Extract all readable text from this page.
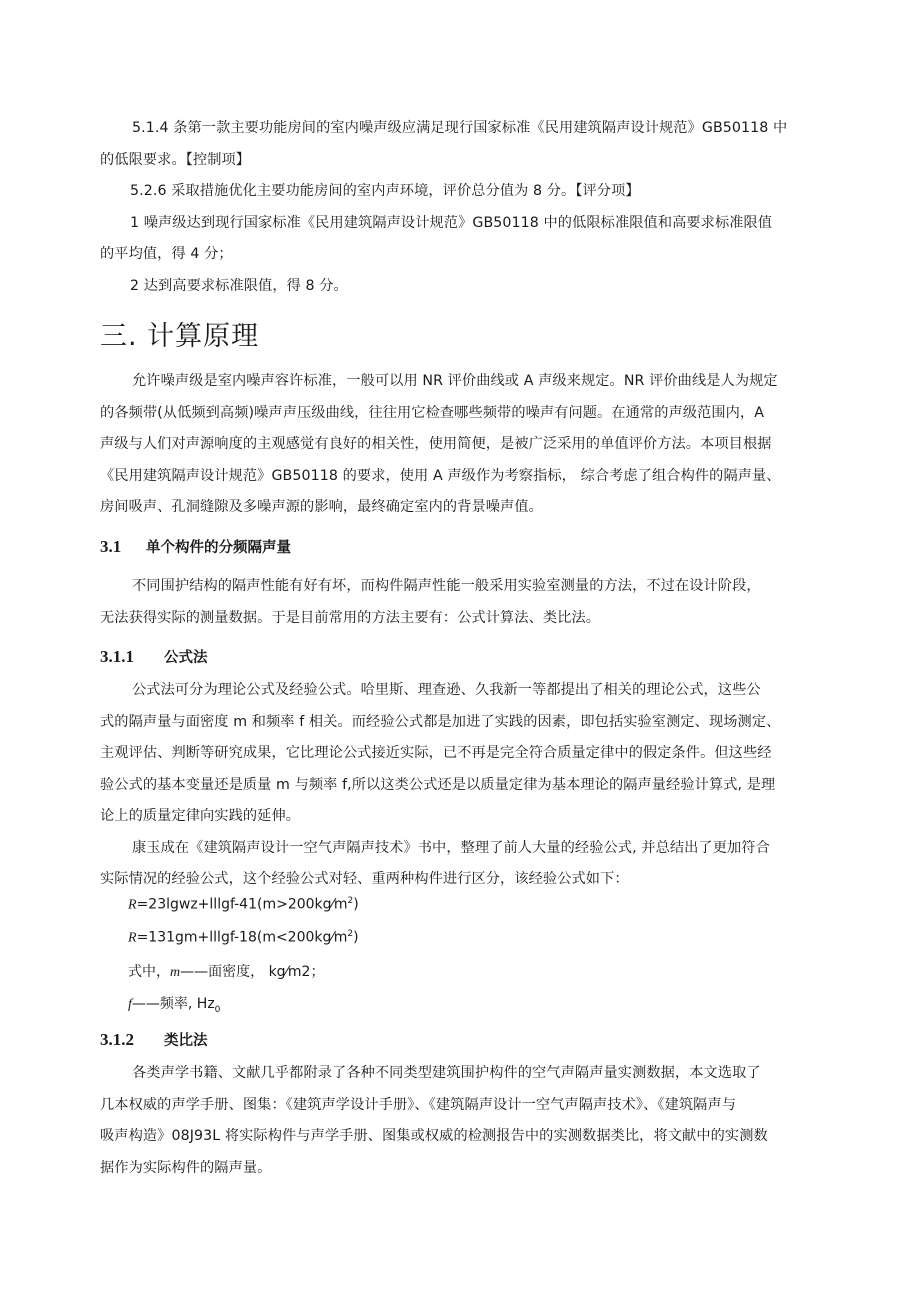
5.1.4 条第一款主要功能房间的室内噪声级应满足现行国家标准《民用建筑隔声设计规范》GB50118 中
的低限要求。【控制项】
5.2.6 采取措施优化主要功能房间的室内声环境，评价总分值为 8 分。【评分项】
1 噪声级达到现行国家标准《民用建筑隔声设计规范》GB50118 中的低限标准限值和高要求标准限值
的平均值，得 4 分；
2 达到高要求标准限值，得 8 分。
三. 计算原理
允许噪声级是室内噪声容许标准，一般可以用 NR 评价曲线或 A 声级来规定。NR 评价曲线是人为规定
的各频带(从低频到高频)噪声声压级曲线，往往用它检查哪些频带的噪声有问题。在通常的声级范围内，A
声级与人们对声源响度的主观感觉有良好的相关性，使用简便，是被广泛采用的单值评价方法。本项目根据
《民用建筑隔声设计规范》GB50118 的要求，使用 A 声级作为考察指标， 综合考虑了组合构件的隔声量、
房间吸声、孔洞缝隙及多噪声源的影响，最终确定室内的背景噪声值。
3.1 单个构件的分频隔声量
不同围护结构的隔声性能有好有坏，而构件隔声性能一般采用实验室测量的方法，不过在设计阶段，
无法获得实际的测量数据。于是目前常用的方法主要有：公式计算法、类比法。
3.1.1 公式法
公式法可分为理论公式及经验公式。哈里斯、理查逊、久我新一等都提出了相关的理论公式，这些公
式的隔声量与面密度 m 和频率 f 相关。而经验公式都是加进了实践的因素，即包括实验室测定、现场测定、
主观评估、判断等研究成果，它比理论公式接近实际，已不再是完全符合质量定律中的假定条件。但这些经
验公式的基本变量还是质量 m 与频率 f,所以这类公式还是以质量定律为基本理论的隔声量经验计算式, 是理
论上的质量定律向实践的延伸。
康玉成在《建筑隔声设计一空气声隔声技术》书中，整理了前人大量的经验公式, 并总结出了更加符合
实际情况的经验公式，这个经验公式对轻、重两种构件进行区分，该经验公式如下：

$R=23lgwz+lllgf-41(m>200kg⁄m^2)$

$R=131gm+lllgf-18(m<200kg⁄m^2)$

式中，m——面密度， kg⁄m2；

f——频率, $Hz_0$

3.1.2 类比法
各类声学书籍、文献几乎都附录了各种不同类型建筑围护构件的空气声隔声量实测数据，本文选取了
几本权威的声学手册、图集：《建筑声学设计手册》、《建筑隔声设计一空气声隔声技术》、《建筑隔声与
吸声构造》08J93L 将实际构件与声学手册、图集或权威的检测报告中的实测数据类比，将文献中的实测数
据作为实际构件的隔声量。
